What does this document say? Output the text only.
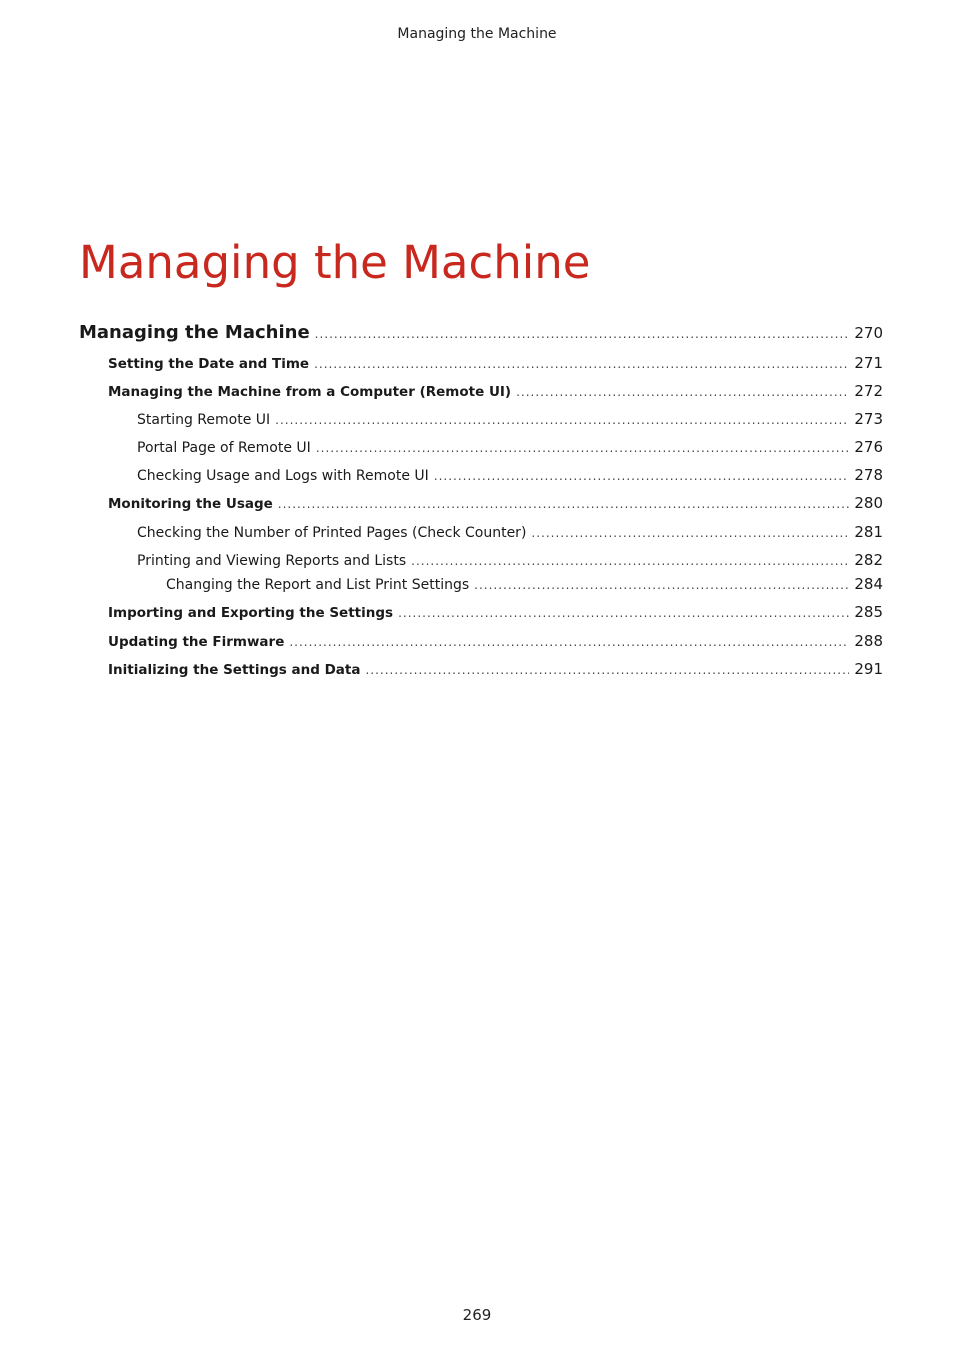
Managing the Machine
Managing the Machine
Managing the Machine .....	270
Setting the Date and Time .....	271
Managing the Machine from a Computer (Remote UI) .....	272
Starting Remote UI .....	273
Portal Page of Remote UI .....	276
Checking Usage and Logs with Remote UI .....	278
Monitoring the Usage .....	280
Checking the Number of Printed Pages (Check Counter) .....	281
Printing and Viewing Reports and Lists .....	282
Changing the Report and List Print Settings .....	284
Importing and Exporting the Settings .....	285
Updating the Firmware .....	288
Initializing the Settings and Data .....	291
269
